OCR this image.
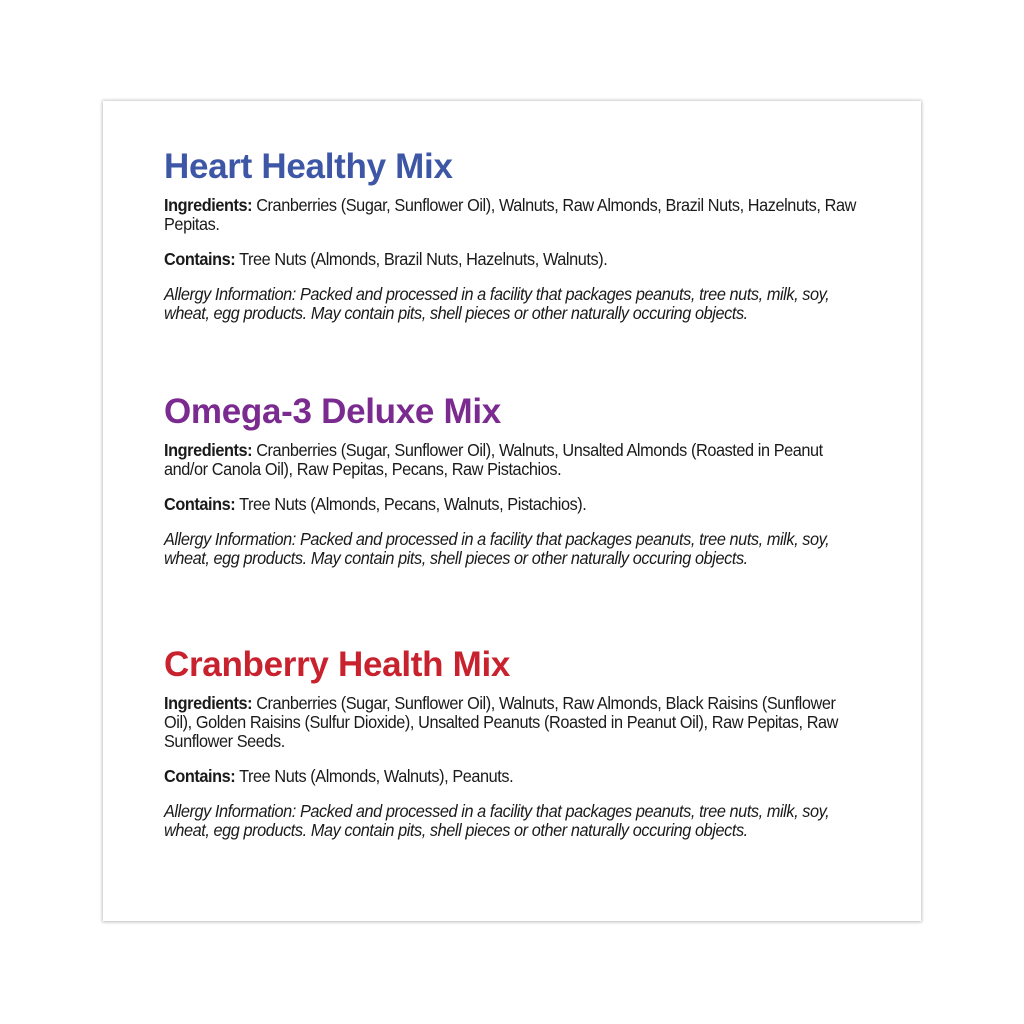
Heart Healthy Mix

Ingredients: Cranberries (Sugar, Sunflower Oil), Walnuts, Raw Almonds, Brazil Nuts, Hazelnuts, Raw Pepitas.

Contains: Tree Nuts (Almonds, Brazil Nuts, Hazelnuts, Walnuts).

Allergy Information: Packed and processed in a facility that packages peanuts, tree nuts, milk, soy, wheat, egg products. May contain pits, shell pieces or other naturally occuring objects.

Omega-3 Deluxe Mix

Ingredients: Cranberries (Sugar, Sunflower Oil), Walnuts, Unsalted Almonds (Roasted in Peanut and/or Canola Oil), Raw Pepitas, Pecans, Raw Pistachios.

Contains: Tree Nuts (Almonds, Pecans, Walnuts, Pistachios).

Allergy Information: Packed and processed in a facility that packages peanuts, tree nuts, milk, soy, wheat, egg products. May contain pits, shell pieces or other naturally occuring objects.

Cranberry Health Mix

Ingredients: Cranberries (Sugar, Sunflower Oil), Walnuts, Raw Almonds, Black Raisins (Sunflower Oil), Golden Raisins (Sulfur Dioxide), Unsalted Peanuts (Roasted in Peanut Oil), Raw Pepitas, Raw Sunflower Seeds.

Contains: Tree Nuts (Almonds, Walnuts), Peanuts.

Allergy Information: Packed and processed in a facility that packages peanuts, tree nuts, milk, soy, wheat, egg products. May contain pits, shell pieces or other naturally occuring objects.
